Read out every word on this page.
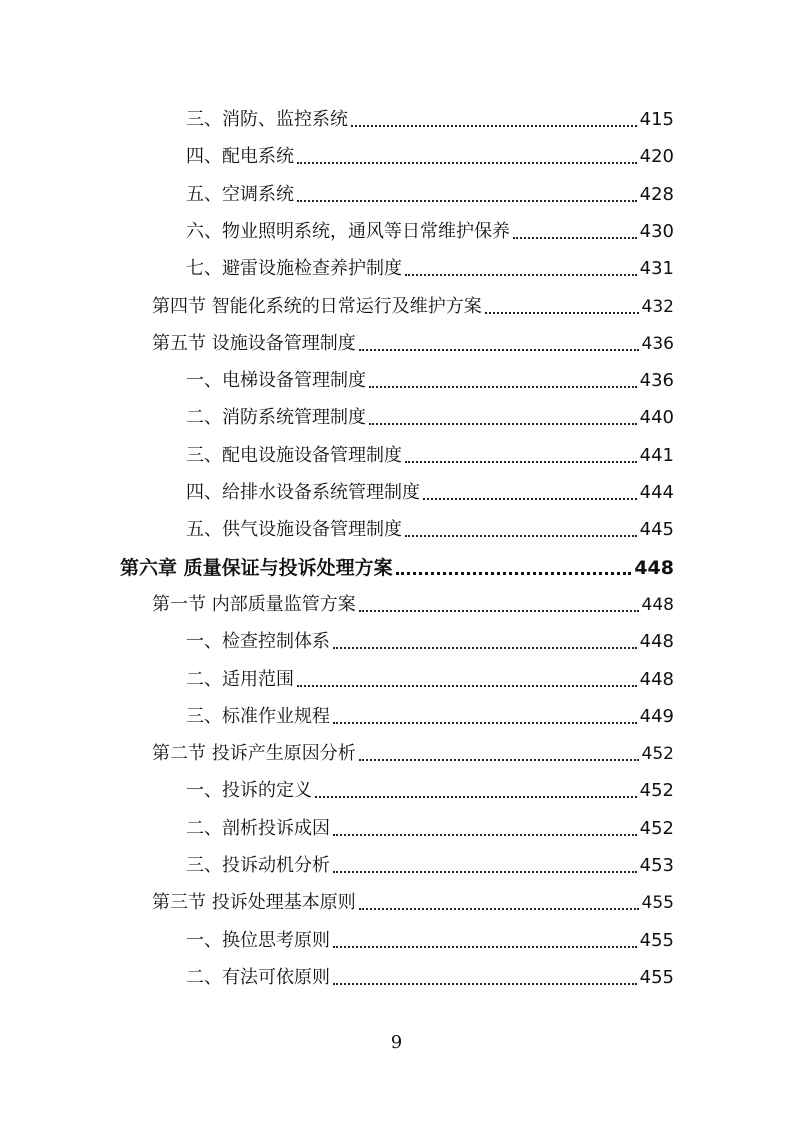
三、消防、监控系统	415
四、配电系统	420
五、空调系统	428
六、物业照明系统，通风等日常维护保养	430
七、避雷设施检查养护制度	431
第四节 智能化系统的日常运行及维护方案	432
第五节 设施设备管理制度	436
一、电梯设备管理制度	436
二、消防系统管理制度	440
三、配电设施设备管理制度	441
四、给排水设备系统管理制度	444
五、供气设施设备管理制度	445
第六章 质量保证与投诉处理方案	448
第一节 内部质量监管方案	448
一、检查控制体系	448
二、适用范围	448
三、标准作业规程	449
第二节 投诉产生原因分析	452
一、投诉的定义	452
二、剖析投诉成因	452
三、投诉动机分析	453
第三节 投诉处理基本原则	455
一、换位思考原则	455
二、有法可依原则	455
9
